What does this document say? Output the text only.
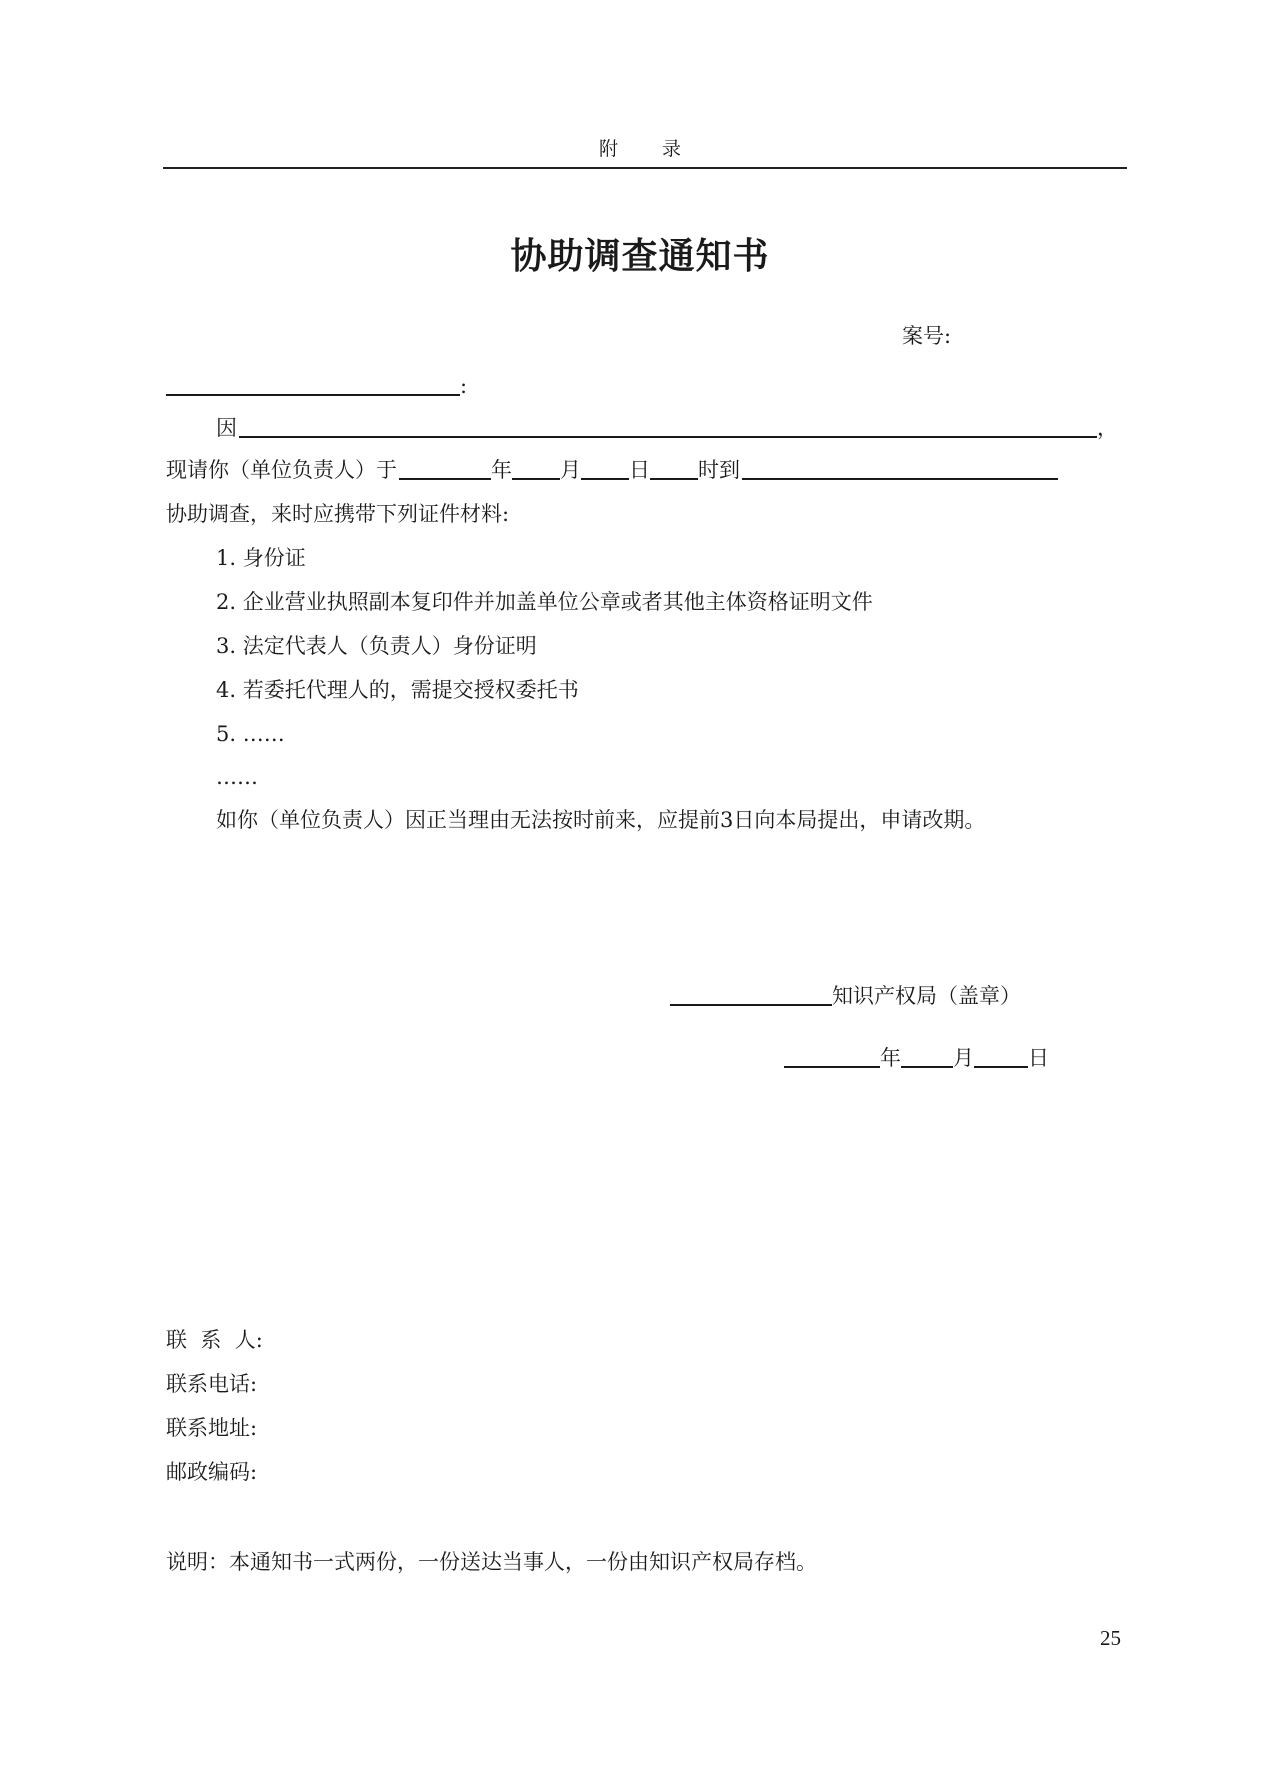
附 录
协助调查通知书
案号:
:
因	，
现请你（单位负责人）于	年 月 日 时到
协助调查，来时应携带下列证件材料:
1. 身份证
2. 企业营业执照副本复印件并加盖单位公章或者其他主体资格证明文件
3. 法定代表人（负责人）身份证明
4. 若委托代理人的，需提交授权委托书
5. ……
……
如你（单位负责人）因正当理由无法按时前来，应提前3日向本局提出，申请改期。
知识产权局（盖章）
年 月	日
联  系  人:
联系电话:
联系地址:
邮政编码:
说明：本通知书一式两份，一份送达当事人，一份由知识产权局存档。
25
